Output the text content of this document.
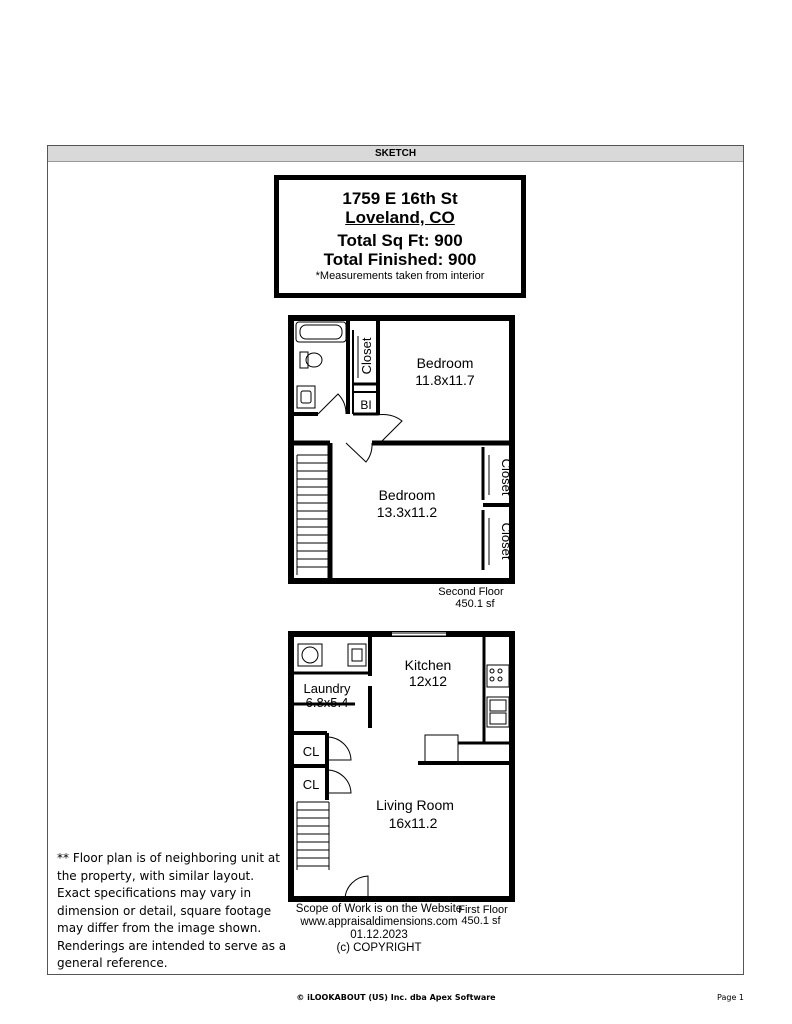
SKETCH
1759 E 16th St
Loveland, CO
Total Sq Ft: 900
Total Finished: 900
*Measurements taken from interior
Bedroom
11.8x11.7
Bedroom
13.3x11.2
Closet
Closet
Closet
BI
Second Floor
450.1 sf
Kitchen
12x12
Laundry
6.8x5.4
Living Room
16x11.2
CL
CL
First Floor
450.1 sf
Scope of Work is on the Website
www.appraisaldimensions.com
01.12.2023
(c) COPYRIGHT
** Floor plan is of neighboring unit at the property, with similar layout. Exact specifications may vary in dimension or detail, square footage may differ from the image shown. Renderings are intended to serve as a general reference.
© iLOOKABOUT (US) Inc. dba Apex Software	Page 1
